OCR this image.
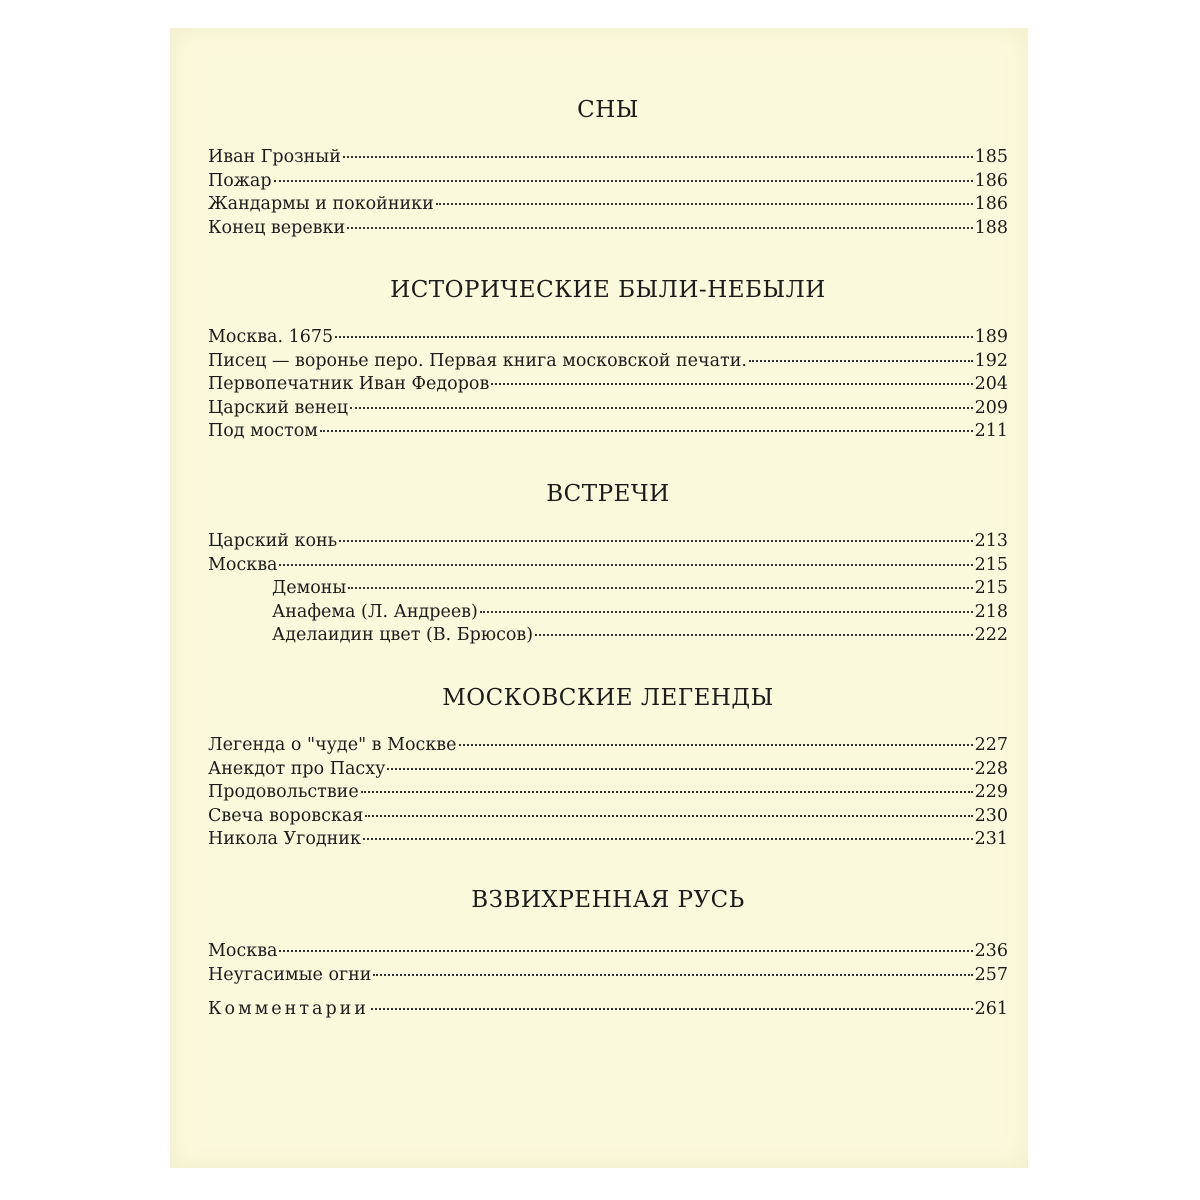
СНЫ
Иван Грозный	185
Пожар	186
Жандармы и покойники	186
Конец веревки	188
ИСТОРИЧЕСКИЕ БЫЛИ-НЕБЫЛИ
Москва. 1675	189
Писец — воронье перо. Первая книга московской печати.	192
Первопечатник Иван Федоров	204
Царский венец	209
Под мостом	211
ВСТРЕЧИ
Царский конь	213
Москва	215
Демоны	215
Анафема (Л. Андреев)	218
Аделаидин цвет (В. Брюсов)	222
МОСКОВСКИЕ ЛЕГЕНДЫ
Легенда о "чуде" в Москве	227
Анекдот про Пасху	228
Продовольствие	229
Свеча воровская	230
Никола Угодник	231
ВЗВИХРЕННАЯ РУСЬ
Москва	236
Неугасимые огни	257
Комментарии	261
